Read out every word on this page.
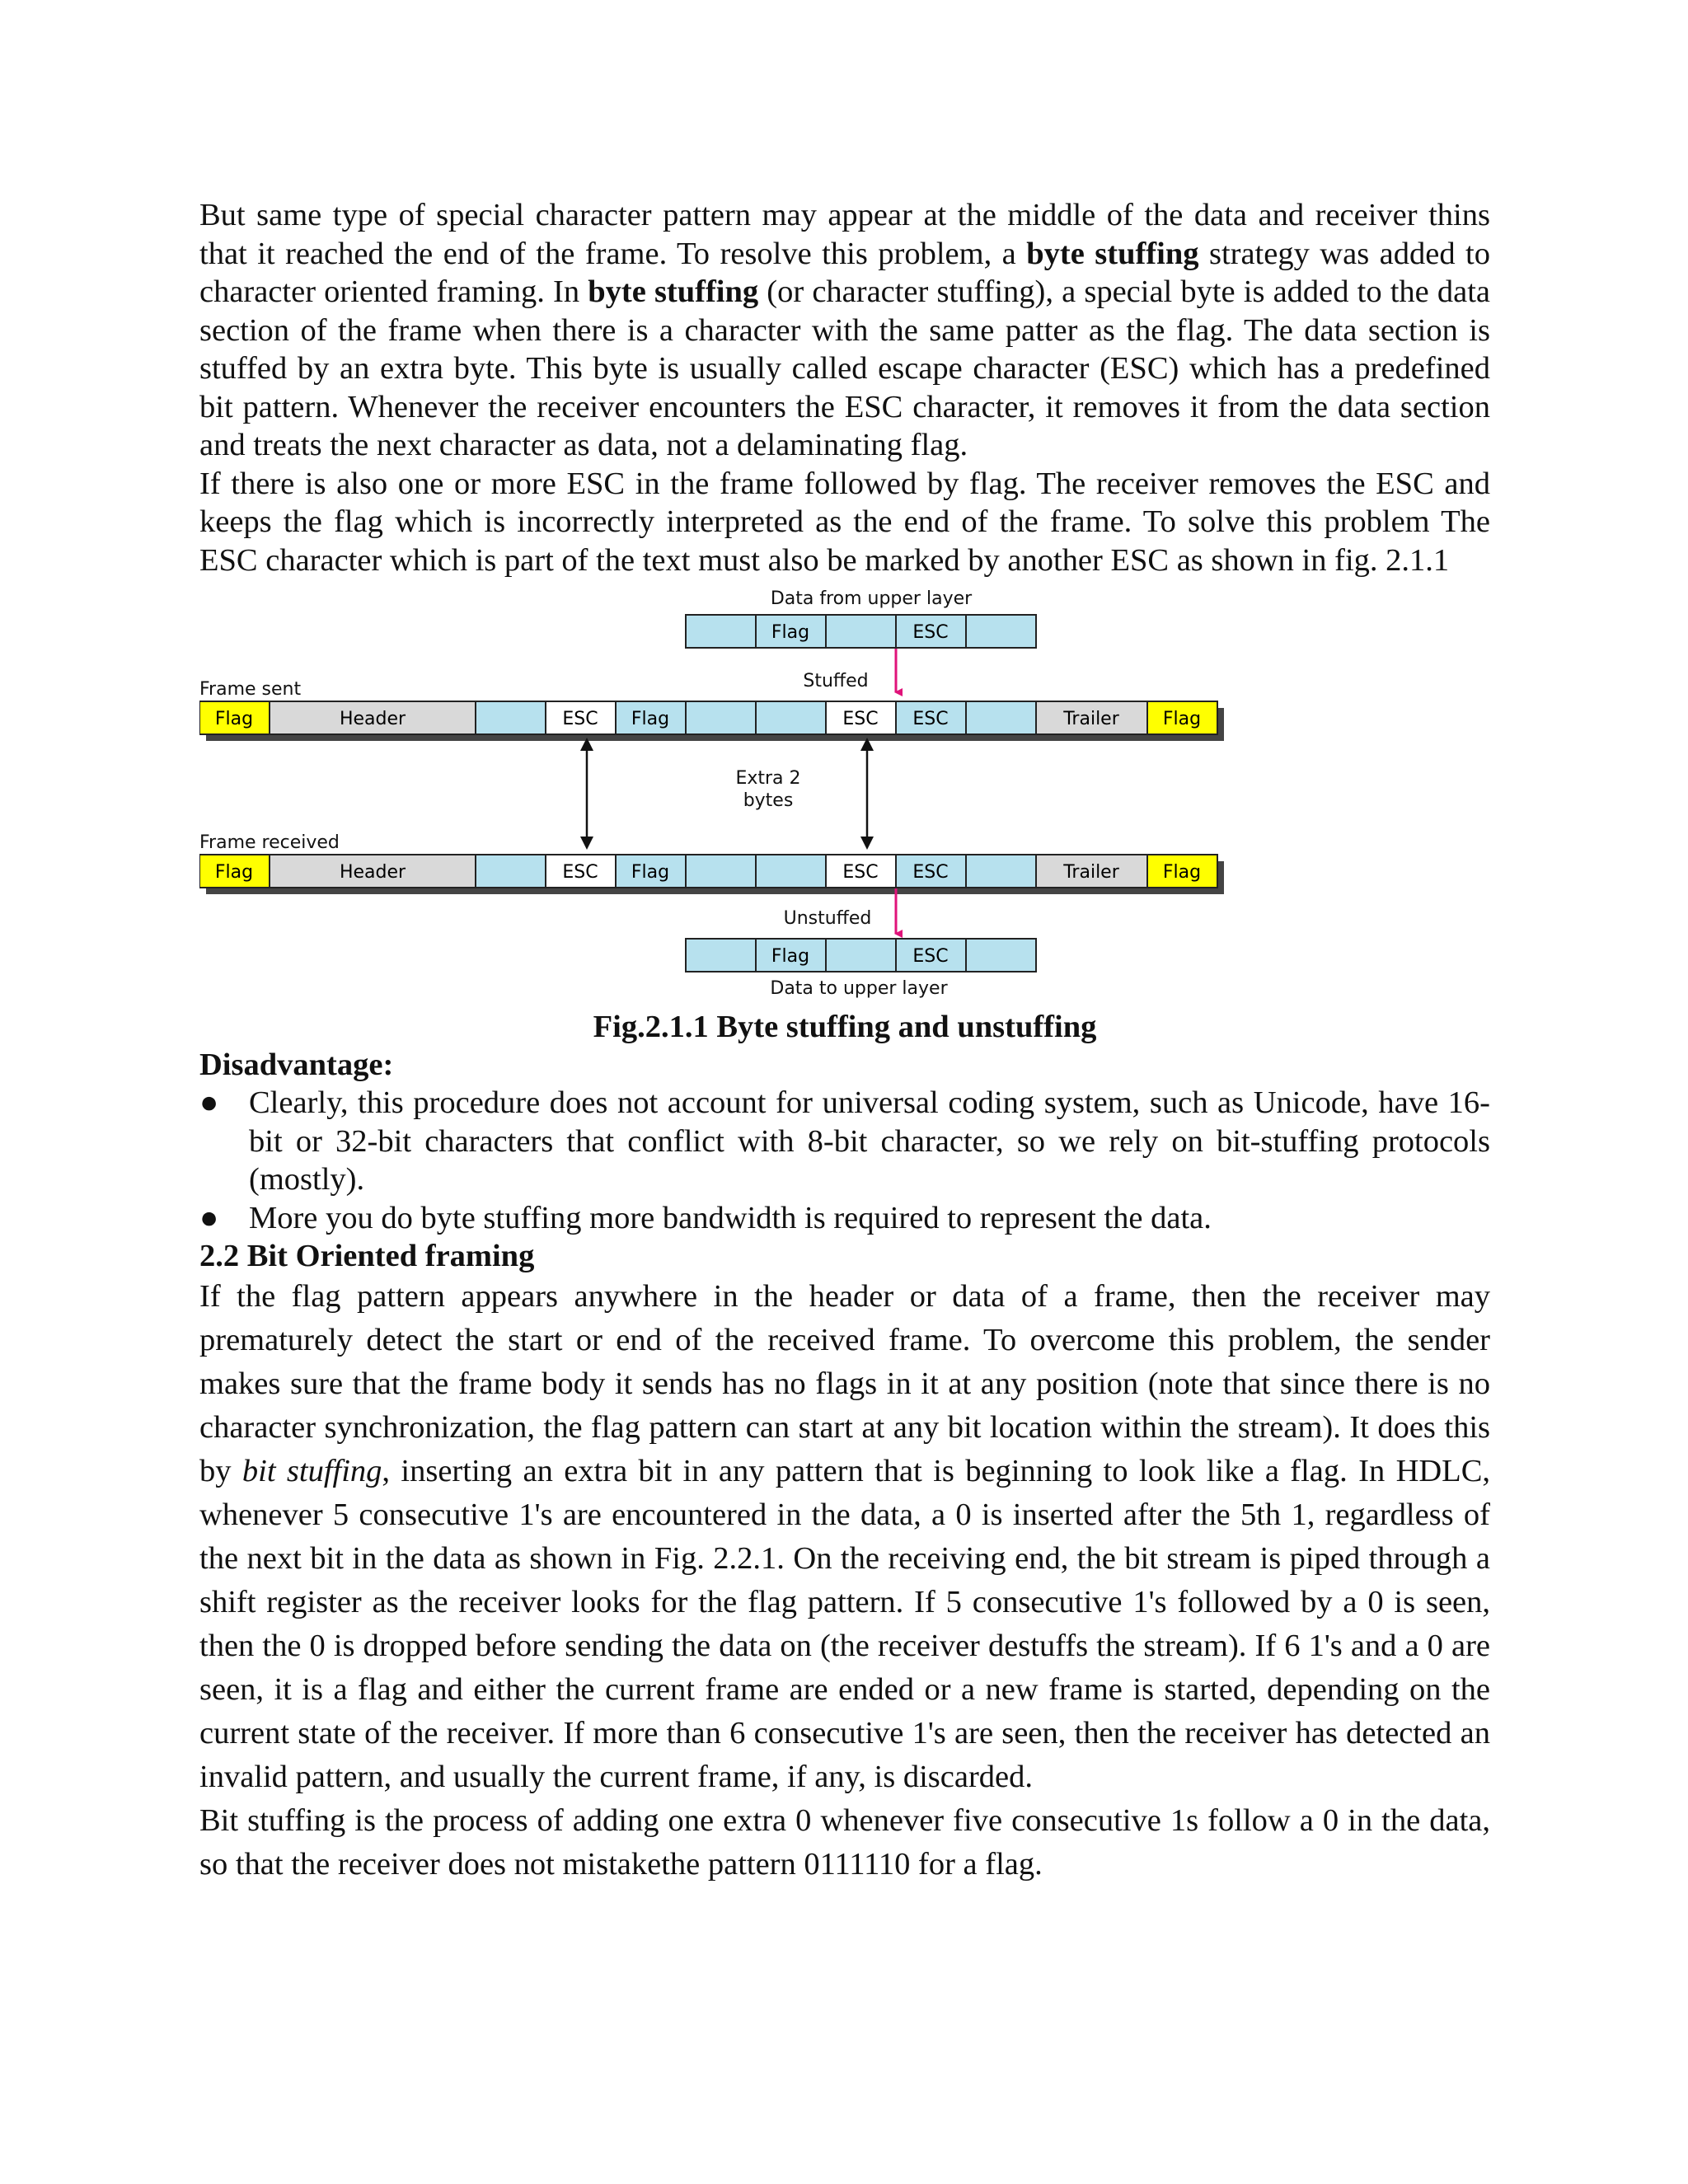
But same type of special character pattern may appear at the middle of the data and receiver thins that it reached the end of the frame. To resolve this problem, a byte stuffing strategy was added to character oriented framing. In byte stuffing (or character stuffing), a special byte is added to the data section of the frame when there is a character with the same patter as the flag. The data section is stuffed by an extra byte. This byte is usually called escape character (ESC) which has a predefined bit pattern. Whenever the receiver encounters the ESC character, it removes it from the data section and treats the next character as data, not a delaminating flag.

If there is also one or more ESC in the frame followed by flag. The receiver removes the ESC and keeps the flag which is incorrectly interpreted as the end of the frame. To solve this problem The ESC character which is part of the text must also be marked by another ESC as shown in fig. 2.1.1

Data from upper layer
Flag	ESC
Stuffed
Frame sent
Flag	Header	ESC Flag	ESC ESC	Trailer Flag
Extra 2
bytes
Frame received
Flag	Header	ESC Flag	ESC ESC	Trailer Flag
Unstuffed
Flag	ESC
Data to upper layer

Fig.2.1.1 Byte stuffing and unstuffing

Disadvantage:

● Clearly, this procedure does not account for universal coding system, such as Unicode, have 16-bit or 32-bit characters that conflict with 8-bit character, so we rely on bit-stuffing protocols (mostly).
● More you do byte stuffing more bandwidth is required to represent the data.

2.2 Bit Oriented framing

If the flag pattern appears anywhere in the header or data of a frame, then the receiver may prematurely detect the start or end of the received frame. To overcome this problem, the sender makes sure that the frame body it sends has no flags in it at any position (note that since there is no character synchronization, the flag pattern can start at any bit location within the stream). It does this by bit stuffing, inserting an extra bit in any pattern that is beginning to look like a flag. In HDLC, whenever 5 consecutive 1's are encountered in the data, a 0 is inserted after the 5th 1, regardless of the next bit in the data as shown in Fig. 2.2.1. On the receiving end, the bit stream is piped through a shift register as the receiver looks for the flag pattern. If 5 consecutive 1's followed by a 0 is seen, then the 0 is dropped before sending the data on (the receiver destuffs the stream). If 6 1's and a 0 are seen, it is a flag and either the current frame are ended or a new frame is started, depending on the current state of the receiver. If more than 6 consecutive 1's are seen, then the receiver has detected an invalid pattern, and usually the current frame, if any, is discarded.

Bit stuffing is the process of adding one extra 0 whenever five consecutive 1s follow a 0 in the data, so that the receiver does not mistakethe pattern 0111110 for a flag.
